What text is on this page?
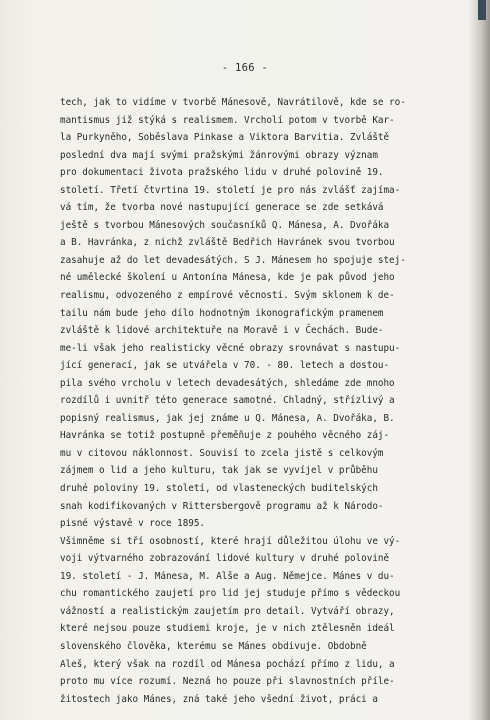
- 166 -
tech, jak to vidíme v tvorbě Mánesově, Navrátilově, kde se ro-
mantismus již stýká s realismem. Vrcholí potom v tvorbě Kar-
la Purkyněho, Soběslava Pinkase a Viktora Barvitia. Zvláště
poslední dva mají svými pražskými žánrovými obrazy význam
pro dokumentaci života pražského lidu v druhé polovině 19.
století. Třetí čtvrtina 19. století je pro nás zvlášť zajíma-
vá tím, že tvorba nové nastupující generace se zde setkává
ještě s tvorbou Mánesových současníků Q. Mánesa, A. Dvořáka
a B. Havránka, z nichž zvláště Bedřich Havránek svou tvorbou
zasahuje až do let devadesátých. S J. Mánesem ho spojuje stej-
né umělecké školení u Antonína Mánesa, kde je pak původ jeho
realismu, odvozeného z empírové věcnosti. Svým sklonem k de-
tailu nám bude jeho dílo hodnotným ikonografickým pramenem
zvláště k lidové architektuře na Moravě i v Čechách. Bude-
me-li však jeho realisticky věcné obrazy srovnávat s nastupu-
jící generací, jak se utvářela v 70. - 80. letech a dostou-
pila svého vrcholu v letech devadesátých, shledáme zde mnoho
rozdílů i uvnitř této generace samotné. Chladný, střízlivý a
popisný realismus, jak jej známe u Q. Mánesa, A. Dvořáka, B.
Havránka se totiž postupně přeměňuje z pouhého věcného záj-
mu v citovou náklonnost. Souvisí to zcela jistě s celkovým
zájmem o lid a jeho kulturu, tak jak se vyvíjel v průběhu
druhé poloviny 19. století, od vlasteneckých buditelských
snah kodifikovaných v Rittersbergově programu až k Národo-
pisné výstavě v roce 1895.
Všimněme si tří osobností, které hrají důležitou úlohu ve vý-
voji výtvarného zobrazování lidové kultury v druhé polovině
19. století - J. Mánesa, M. Alše a Aug. Němejce. Mánes v du-
chu romantického zaujetí pro lid jej studuje přímo s vědeckou
vážností a realistickým zaujetím pro detail. Vytváří obrazy,
které nejsou pouze studiemi kroje, je v nich ztělesněn ideál
slovenského člověka, kterému se Mánes obdivuje. Obdobně
Aleš, který však na rozdíl od Mánesa pochází přímo z lidu, a
proto mu více rozumí. Nezná ho pouze při slavnostních příle-
žitostech jako Mánes, zná také jeho všední život, práci a
